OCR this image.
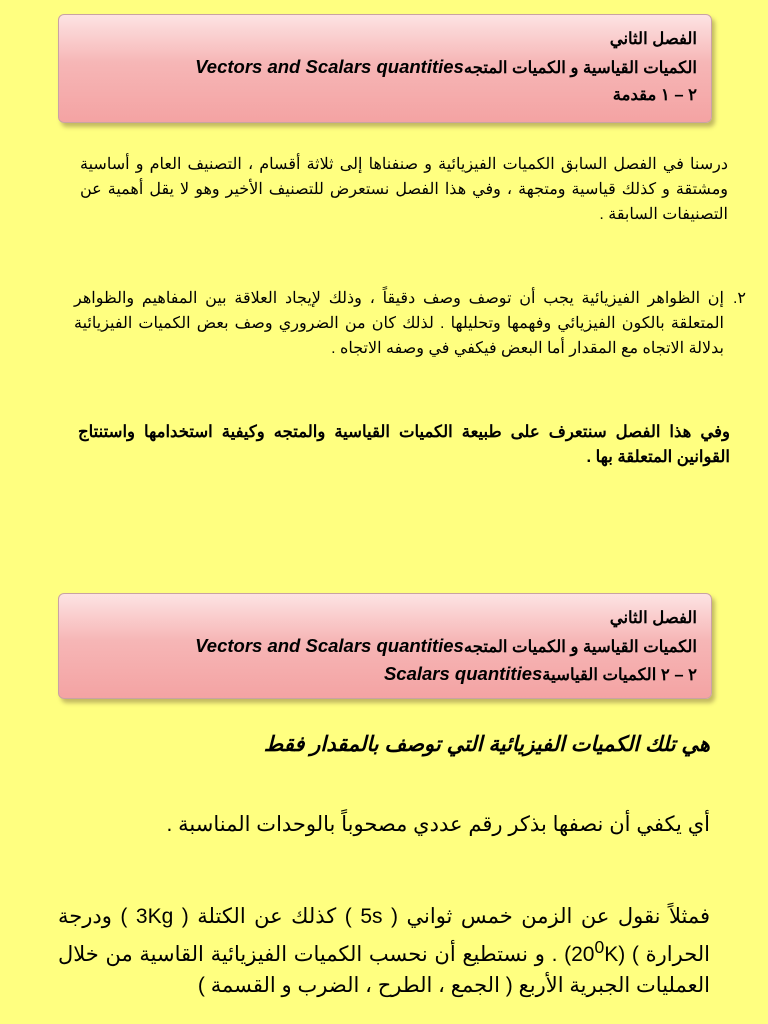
الفصل الثاني
Vectors and Scalars quantitiesالكميات القياسية و الكميات المتجه
٢ – ١ مقدمة
درسنا في الفصل السابق الكميات الفيزيائية و صنفناها إلى ثلاثة أقسام ، التصنيف العام و أساسية ومشتقة و كذلك قياسية ومتجهة ، وفي هذا الفصل نستعرض للتصنيف الأخير وهو لا يقل أهمية عن التصنيفات السابقة .
٢.
إن الظواهر الفيزيائية يجب أن توصف وصف دقيقاً ، وذلك لإيجاد العلاقة بين المفاهيم والظواهر المتعلقة بالكون الفيزيائي وفهمها وتحليلها . لذلك كان من الضروري وصف بعض الكميات الفيزيائية بدلالة الاتجاه مع المقدار أما البعض فيكفي في وصفه الاتجاه .
وفي هذا الفصل سنتعرف على طبيعة الكميات القياسية والمتجه وكيفية استخدامها واستنتاج القوانين المتعلقة بها .
الفصل الثاني
Vectors and Scalars quantitiesالكميات القياسية و الكميات المتجه
Scalars quantities٢ – ٢ الكميات القياسية
هي تلك الكميات الفيزيائية التي توصف بالمقدار فقط
أي يكفي أن نصفها بذكر رقم عددي مصحوباً بالوحدات المناسبة .
فمثلاً نقول عن الزمن خمس ثواني ( 5s ) كذلك عن الكتلة ( 3Kg ) ودرجة الحرارة ) $(20^0K)$ . و نستطيع أن نحسب الكميات الفيزيائية القاسية من خلال العمليات الجبرية الأربع ( الجمع ، الطرح ، الضرب و القسمة )
